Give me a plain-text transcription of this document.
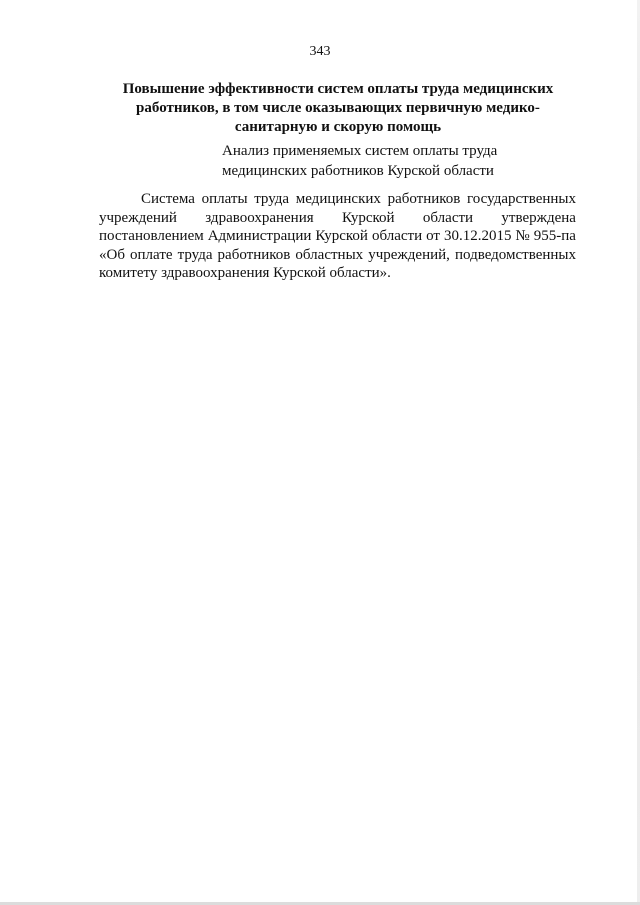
343
Повышение эффективности систем оплаты труда медицинских
работников, в том числе оказывающих первичную медико-
санитарную и скорую помощь
Анализ применяемых систем оплаты труда
медицинских работников Курской области
Система оплаты труда медицинских работников государственных
учреждений здравоохранения Курской области утверждена
постановлением Администрации Курской области от 30.12.2015 № 955-па
«Об оплате труда работников областных учреждений, подведомственных
комитету здравоохранения Курской области».
